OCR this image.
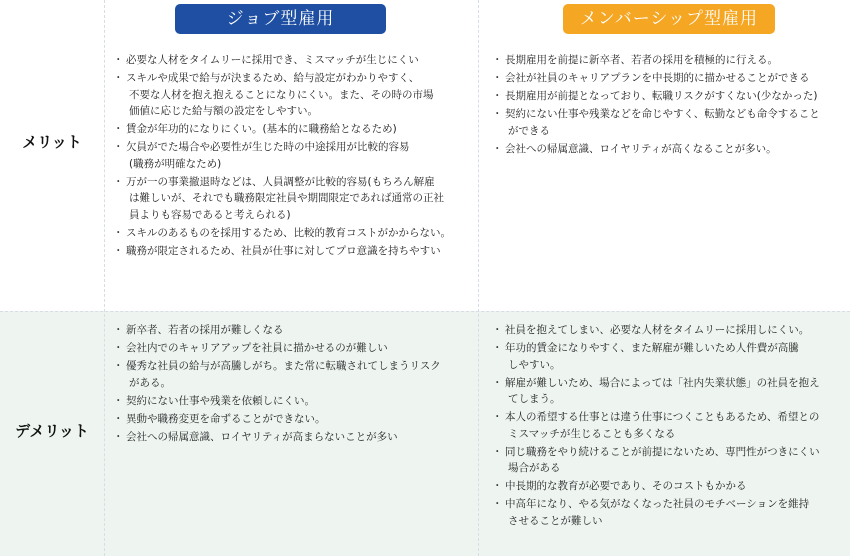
ジョブ型雇用	メンバーシップ型雇用
メリット
デメリット
・ 必要な人材をタイムリーに採用でき、ミスマッチが生じにくい
・ スキルや成果で給与が決まるため、給与設定がわかりやすく、
不要な人材を抱え抱えることになりにくい。また、その時の市場
価値に応じた給与額の設定をしやすい。
・ 賃金が年功的になりにくい。(基本的に職務給となるため)
・ 欠員がでた場合や必要性が生じた時の中途採用が比較的容易
(職務が明確なため)
・ 万が一の事業撤退時などは、人員調整が比較的容易(もちろん解雇
は難しいが、それでも職務限定社員や期間限定であれば通常の正社
員よりも容易であると考えられる)
・ スキルのあるものを採用するため、比較的教育コストがかからない。
・ 職務が限定されるため、社員が仕事に対してプロ意識を持ちやすい
・ 長期雇用を前提に新卒者、若者の採用を積極的に行える。
・ 会社が社員のキャリアプランを中長期的に描かせることができる
・ 長期雇用が前提となっており、転職リスクがすくない(少なかった)
・ 契約にない仕事や残業などを命じやすく、転勤なども命令すること
ができる
・ 会社への帰属意識、ロイヤリティが高くなることが多い。
・ 新卒者、若者の採用が難しくなる
・ 会社内でのキャリアアップを社員に描かせるのが難しい
・ 優秀な社員の給与が高騰しがち。また常に転職されてしまうリスク
がある。
・ 契約にない仕事や残業を依頼しにくい。
・ 異動や職務変更を命ずることができない。
・ 会社への帰属意識、ロイヤリティが高まらないことが多い
・ 社員を抱えてしまい、必要な人材をタイムリーに採用しにくい。
・ 年功的賃金になりやすく、また解雇が難しいため人件費が高騰
しやすい。
・ 解雇が難しいため、場合によっては「社内失業状態」の社員を抱え
てしまう。
・ 本人の希望する仕事とは違う仕事につくこともあるため、希望との
ミスマッチが生じることも多くなる
・ 同じ職務をやり続けることが前提にないため、専門性がつきにくい
場合がある
・ 中長期的な教育が必要であり、そのコストもかかる
・ 中高年になり、やる気がなくなった社員のモチベーションを維持
させることが難しい
